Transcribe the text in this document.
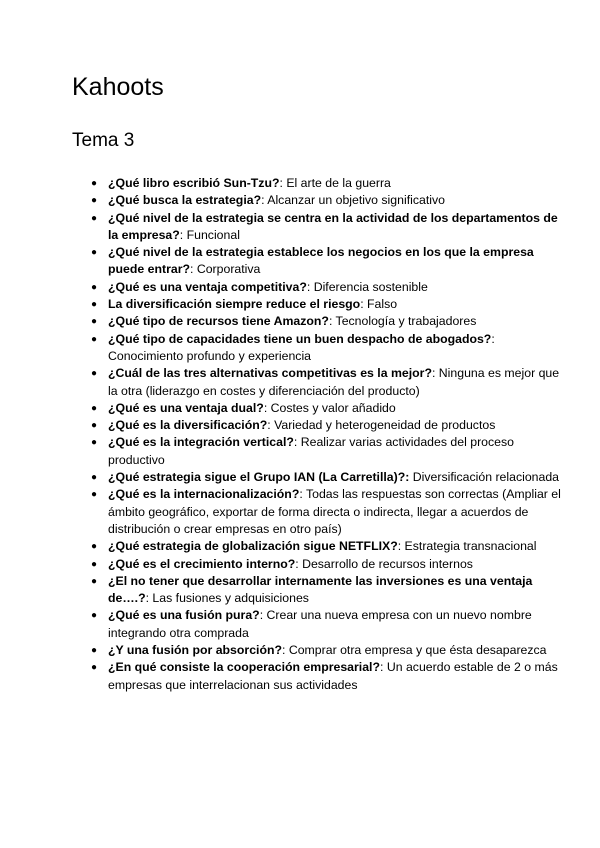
Kahoots
Tema 3
● ¿Qué libro escribió Sun-Tzu?: El arte de la guerra
● ¿Qué busca la estrategia?: Alcanzar un objetivo significativo
● ¿Qué nivel de la estrategia se centra en la actividad de los departamentos de la empresa?: Funcional
● ¿Qué nivel de la estrategia establece los negocios en los que la empresa puede entrar?: Corporativa
● ¿Qué es una ventaja competitiva?: Diferencia sostenible
● La diversificación siempre reduce el riesgo: Falso
● ¿Qué tipo de recursos tiene Amazon?: Tecnología y trabajadores
● ¿Qué tipo de capacidades tiene un buen despacho de abogados?: Conocimiento profundo y experiencia
● ¿Cuál de las tres alternativas competitivas es la mejor?: Ninguna es mejor que la otra (liderazgo en costes y diferenciación del producto)
● ¿Qué es una ventaja dual?: Costes y valor añadido
● ¿Qué es la diversificación?: Variedad y heterogeneidad de productos
● ¿Qué es la integración vertical?: Realizar varias actividades del proceso productivo
● ¿Qué estrategia sigue el Grupo IAN (La Carretilla)?: Diversificación relacionada
● ¿Qué es la internacionalización?: Todas las respuestas son correctas (Ampliar el ámbito geográfico, exportar de forma directa o indirecta, llegar a acuerdos de distribución o crear empresas en otro país)
● ¿Qué estrategia de globalización sigue NETFLIX?: Estrategia transnacional
● ¿Qué es el crecimiento interno?: Desarrollo de recursos internos
● ¿El no tener que desarrollar internamente las inversiones es una ventaja de….?: Las fusiones y adquisiciones
● ¿Qué es una fusión pura?: Crear una nueva empresa con un nuevo nombre integrando otra comprada
● ¿Y una fusión por absorción?: Comprar otra empresa y que ésta desaparezca
● ¿En qué consiste la cooperación empresarial?: Un acuerdo estable de 2 o más empresas que interrelacionan sus actividades
